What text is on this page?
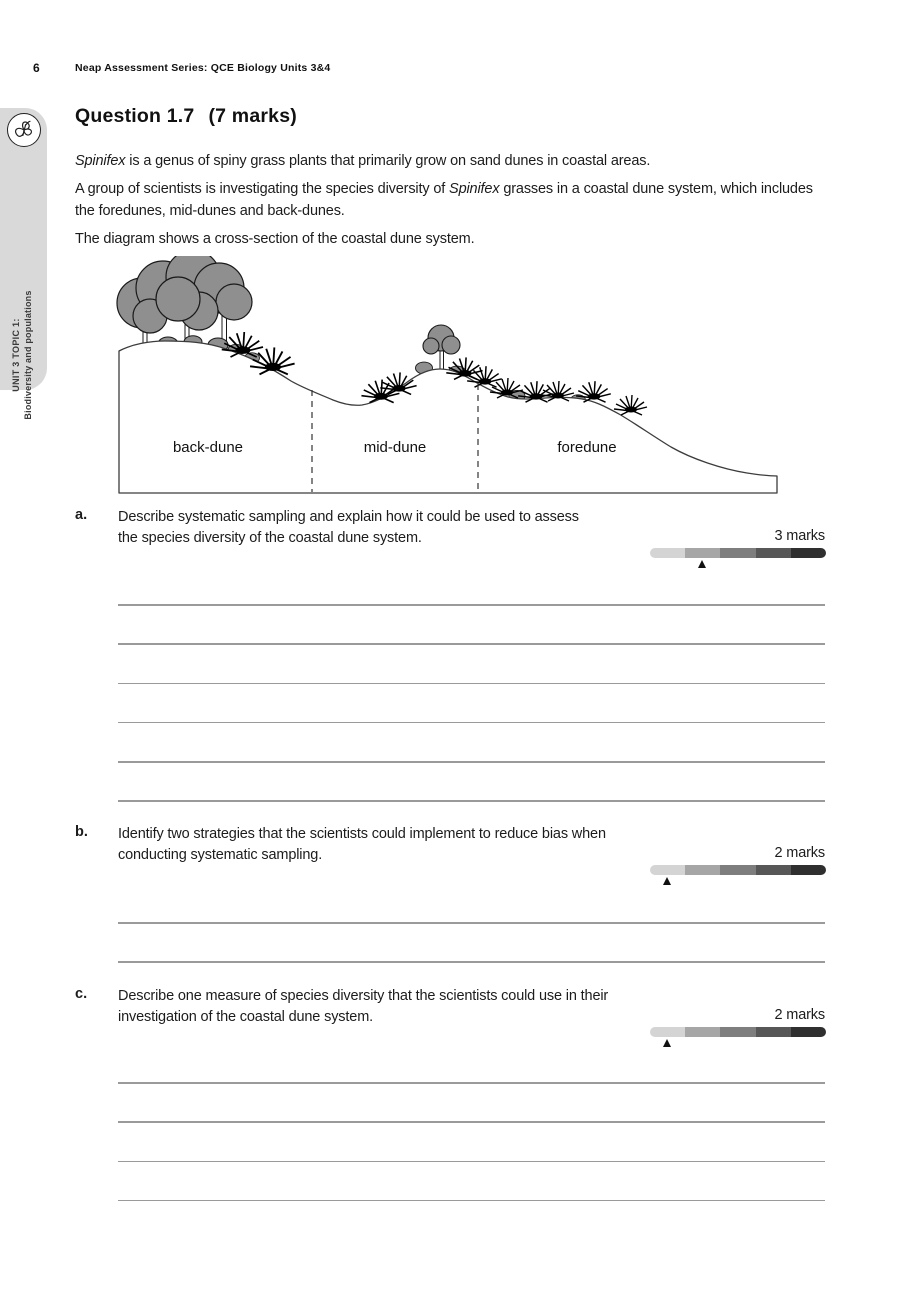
6	Neap Assessment Series: QCE Biology Units 3&4
UNIT 3 TOPIC 1: Biodiversity and populations
Question 1.7 (7 marks)
Spinifex is a genus of spiny grass plants that primarily grow on sand dunes in coastal areas.
A group of scientists is investigating the species diversity of Spinifex grasses in a coastal dune system, which includes the foredunes, mid-dunes and back-dunes.
The diagram shows a cross-section of the coastal dune system.
back-dune	mid-dune	foredune
a. Describe systematic sampling and explain how it could be used to assess
the species diversity of the coastal dune system.	3 marks
b. Identify two strategies that the scientists could implement to reduce bias when
conducting systematic sampling.	2 marks
c. Describe one measure of species diversity that the scientists could use in their
investigation of the coastal dune system.	2 marks
